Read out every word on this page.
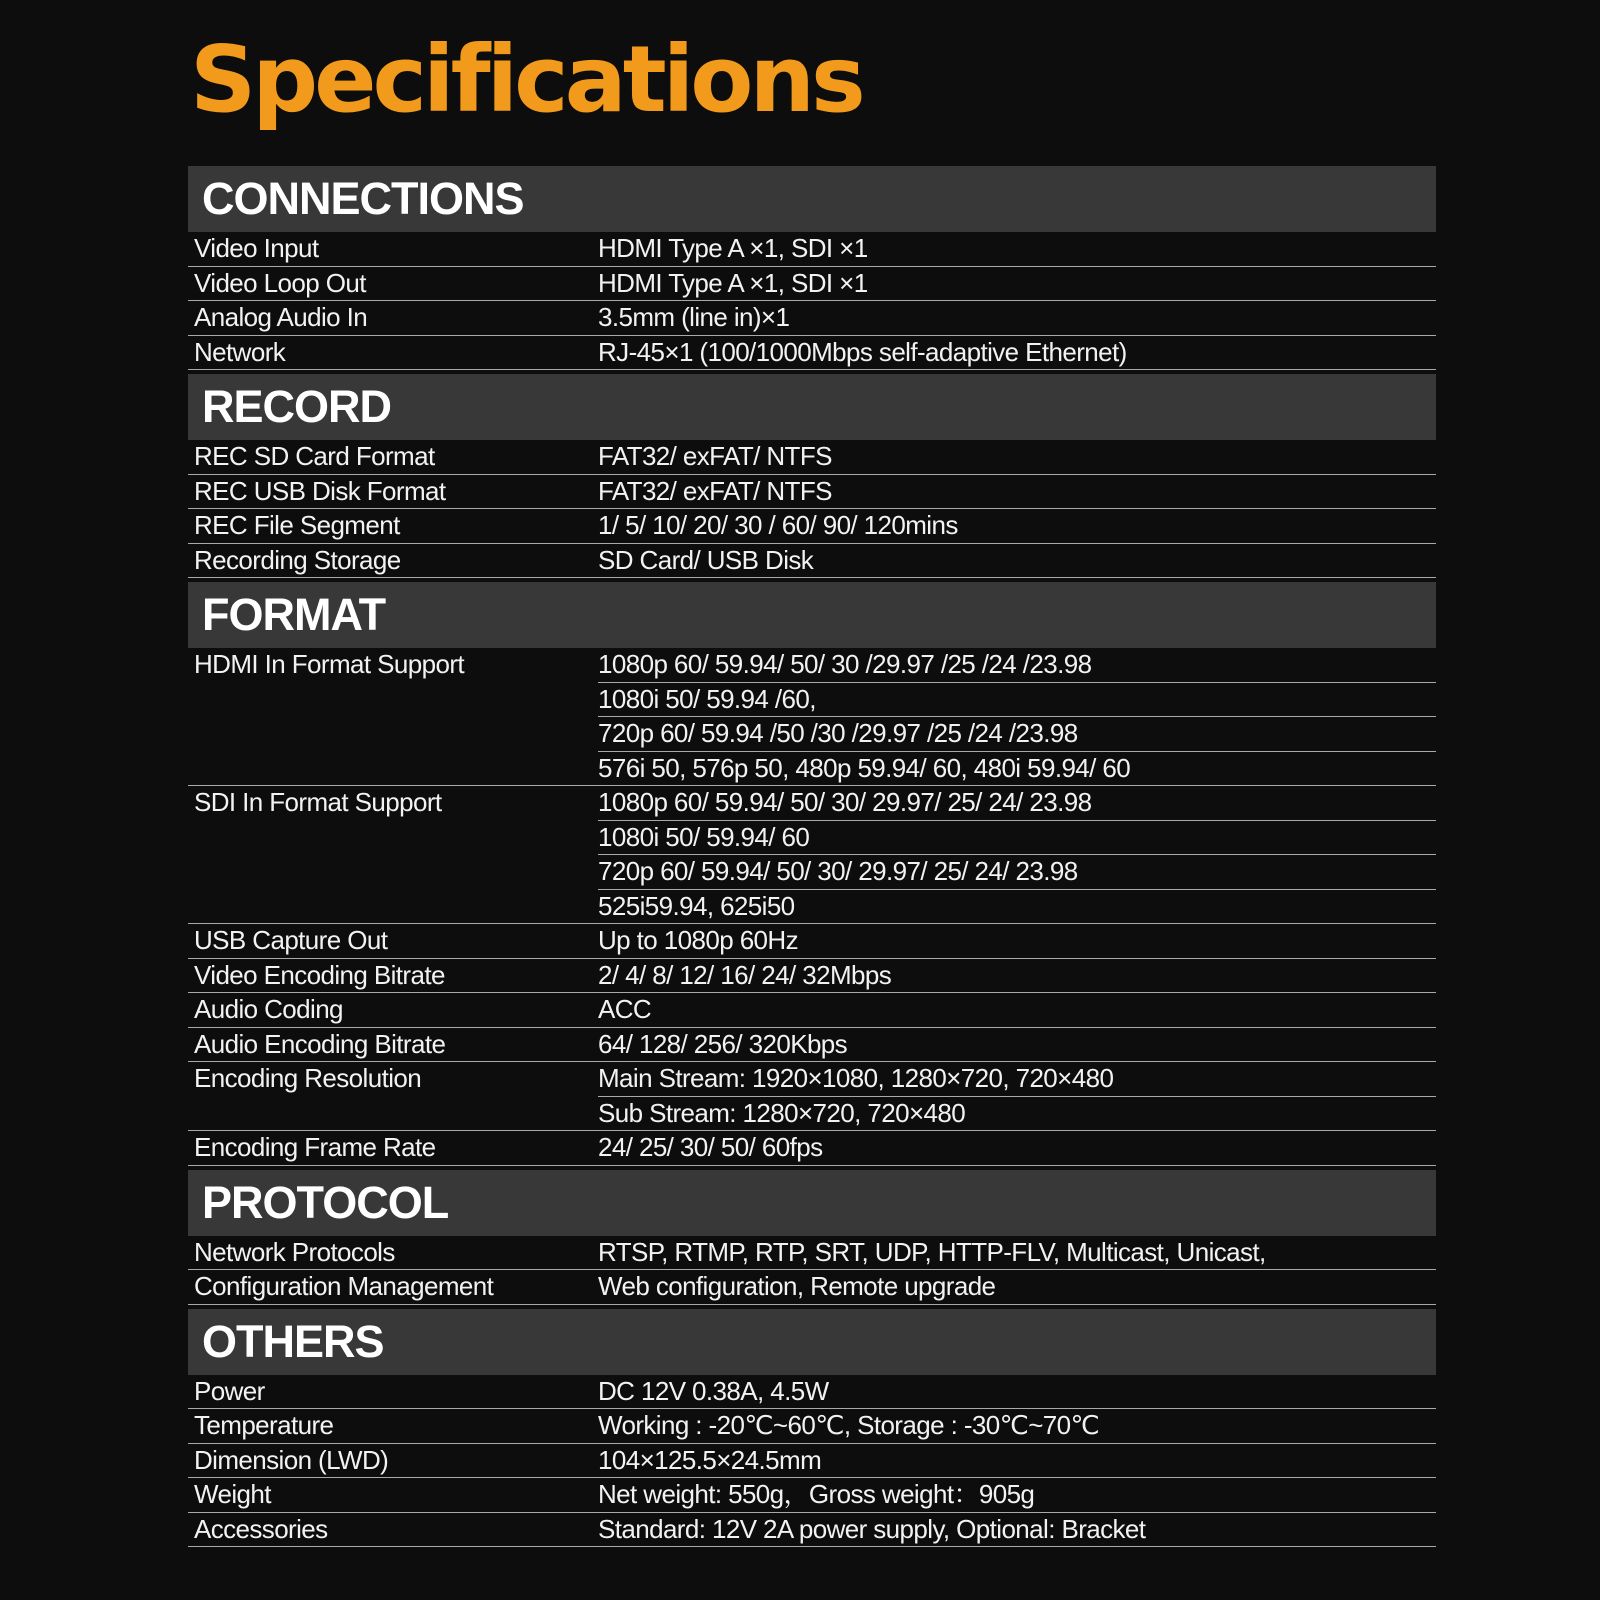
Specifications
CONNECTIONS
Video Input	HDMI Type A ×1, SDI ×1
Video Loop Out	HDMI Type A ×1, SDI ×1
Analog Audio In	3.5mm (line in)×1
Network	RJ-45×1 (100/1000Mbps self-adaptive Ethernet)
RECORD
REC SD Card Format	FAT32/ exFAT/ NTFS
REC USB Disk Format	FAT32/ exFAT/ NTFS
REC File Segment	1/ 5/ 10/ 20/ 30 / 60/ 90/ 120mins
Recording Storage	SD Card/ USB Disk
FORMAT
HDMI In Format Support	1080p 60/ 59.94/ 50/ 30 /29.97 /25 /24 /23.98
1080i 50/ 59.94 /60,
720p 60/ 59.94 /50 /30 /29.97 /25 /24 /23.98
576i 50, 576p 50, 480p 59.94/ 60, 480i 59.94/ 60
SDI In Format Support	1080p 60/ 59.94/ 50/ 30/ 29.97/ 25/ 24/ 23.98
1080i 50/ 59.94/ 60
720p 60/ 59.94/ 50/ 30/ 29.97/ 25/ 24/ 23.98
525i59.94, 625i50
USB Capture Out	Up to 1080p 60Hz
Video Encoding Bitrate	2/ 4/ 8/ 12/ 16/ 24/ 32Mbps
Audio Coding	ACC
Audio Encoding Bitrate	64/ 128/ 256/ 320Kbps
Encoding Resolution	Main Stream: 1920×1080, 1280×720, 720×480
Sub Stream: 1280×720, 720×480
Encoding Frame Rate	24/ 25/ 30/ 50/ 60fps
PROTOCOL
Network Protocols	RTSP, RTMP, RTP, SRT, UDP, HTTP-FLV, Multicast, Unicast,
Configuration Management	Web configuration, Remote upgrade
OTHERS
Power	DC 12V 0.38A, 4.5W
Temperature	Working : -20℃~60℃, Storage : -30℃~70℃
Dimension (LWD)	104×125.5×24.5mm
Weight	Net weight: 550g，Gross weight：905g
Accessories	Standard: 12V 2A power supply, Optional: Bracket
